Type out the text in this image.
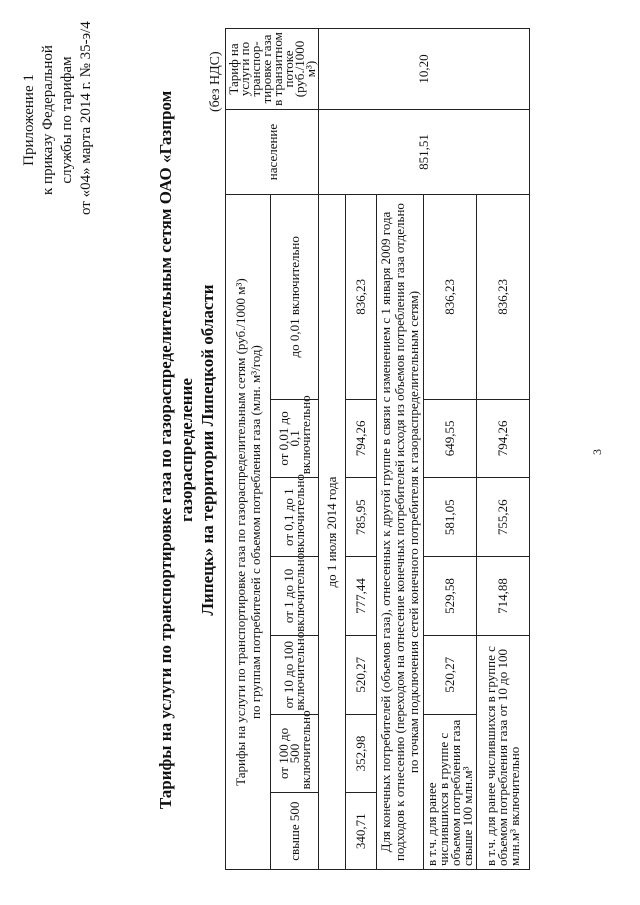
Приложение 1 к приказу Федеральной службы по тарифам от «04» марта 2014 г. № 35-э/4	Тарифы на услуги по транспортировке газа по газораспределительным сетям ОАО «Газпром газораспределение Липецк» на территории Липецкой области
(без НДС)
Тарифы на услуги по транспортировке газа по газораспределительным сетям (руб./1000 м³) по группам потребителей с объемом потребления газа (млн. м³/год)							население	Тариф на услуги по транспор-тировке газа в транзитном потоке (руб./1000 м³)
свыше 500	от 100 до 500 включительно	от 10 до 100 включительно	от 1 до 10 включительно	от 0,1 до 1 включительно	от 0,01 до 0,1 включительно	до 0,01 включительно		
до 1 июля 2014 года							851,51	10,20
340,71	352,98	520,27	777,44	785,95	794,26	836,23		
Для конечных потребителей (объемов газа), отнесенных к другой группе в связи с изменением с 1 января 2009 года подходов к отнесению (переходом на отнесение конечных потребителей исходя из объемов потребления газа отдельно по точкам подключения сетей конечного потребителя к газораспределительным сетям)								
в т.ч. для ранее числившихся в группе с объемом потребления газа свыше 100 млн.м³		520,27	529,58	581,05	649,55	836,23		
в т.ч. для ранее числившихся в группе с объемом потребления газа от 10 до 100 млн.м³ включительно			714,88	755,26	794,26	836,23		
3
